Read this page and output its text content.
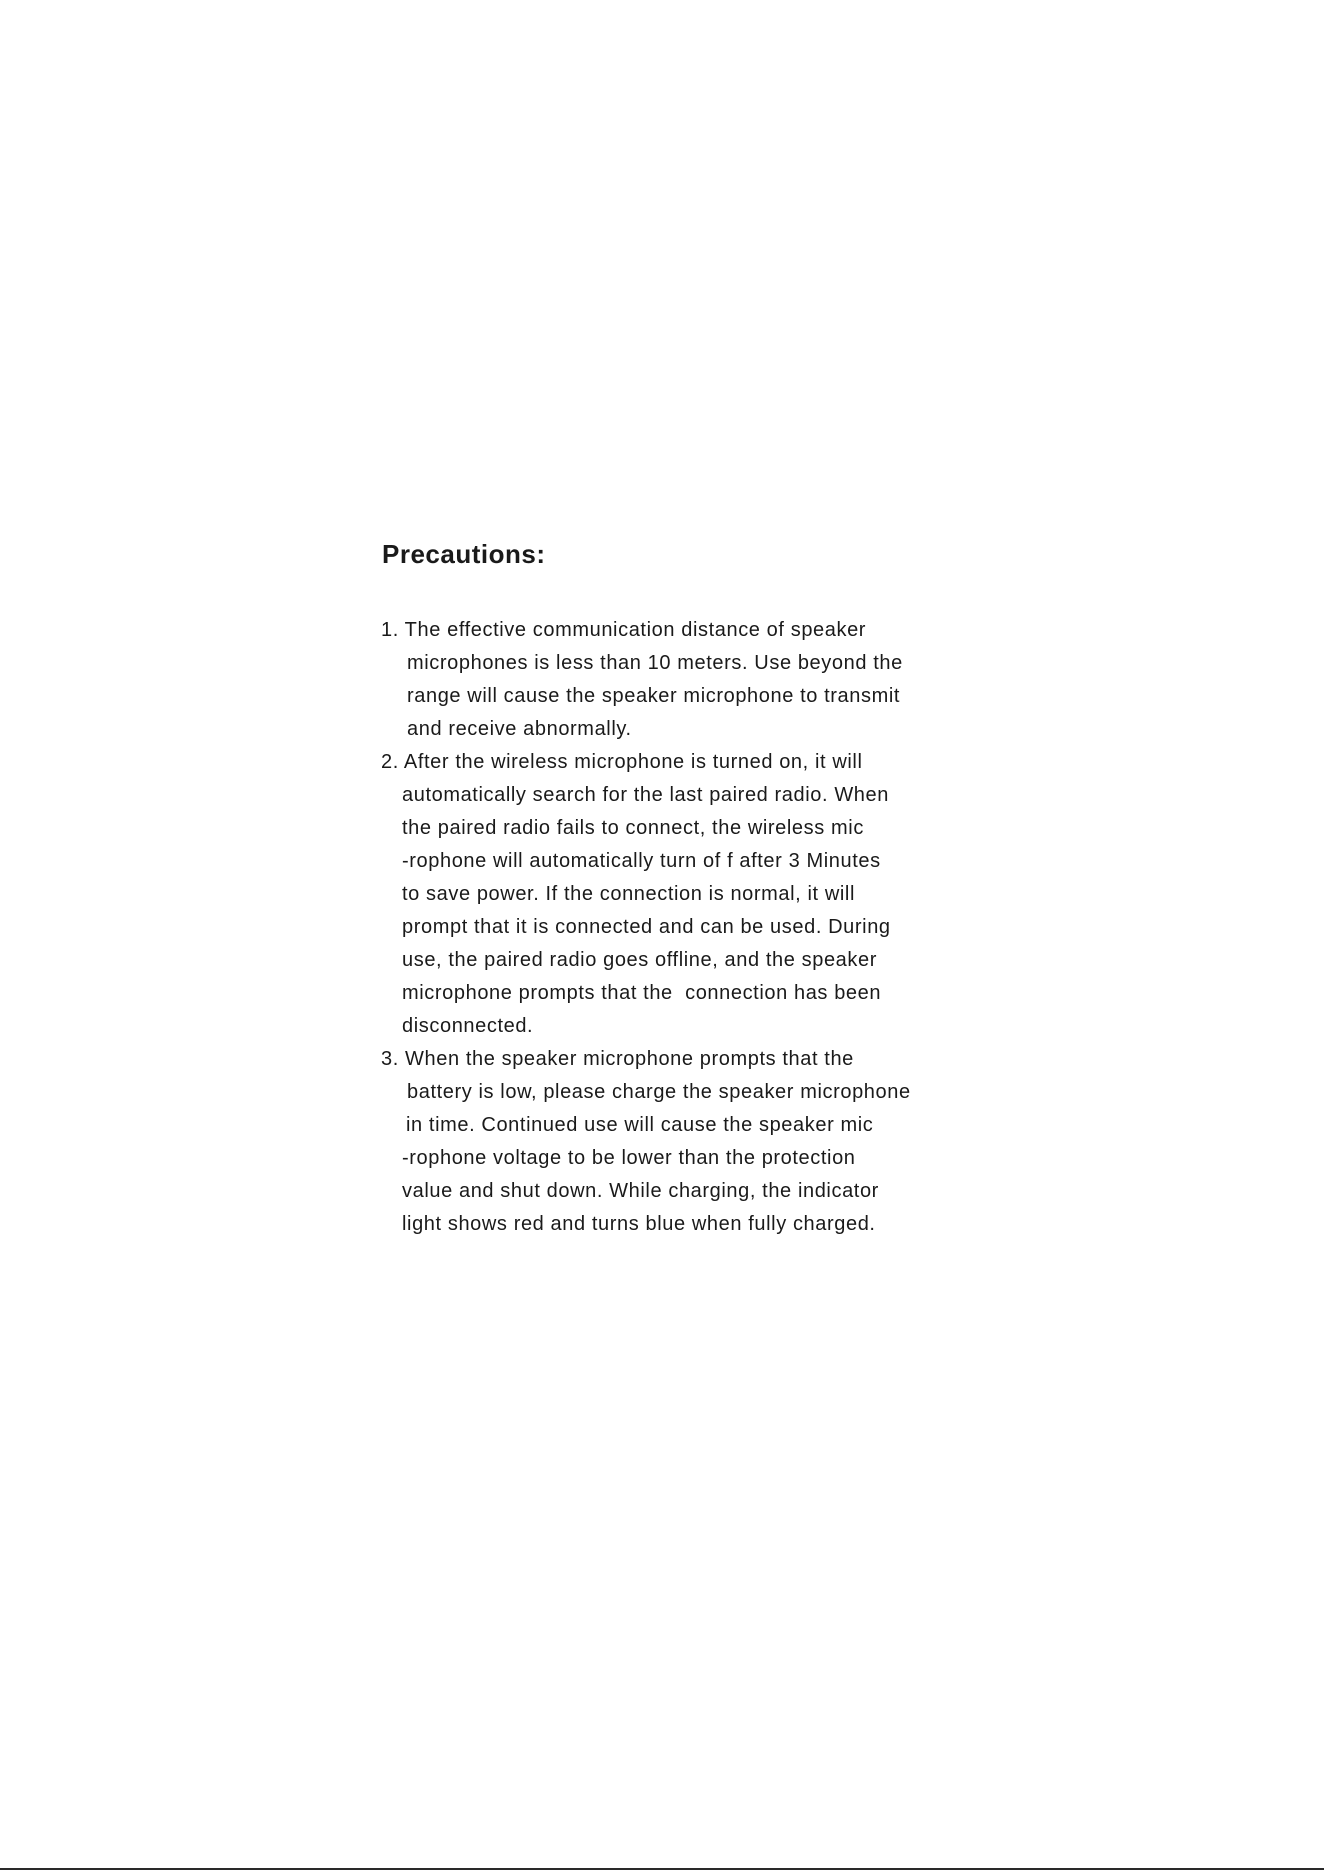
Precautions:

1. The effective communication distance of speaker

microphones is less than 10 meters. Use beyond the

range will cause the speaker microphone to transmit

and receive abnormally.

2. After the wireless microphone is turned on, it will

automatically search for the last paired radio. When

the paired radio fails to connect, the wireless mic

-rophone will automatically turn of f after 3 Minutes

to save power. If the connection is normal, it will

prompt that it is connected and can be used. During

use, the paired radio goes offline, and the speaker

microphone prompts that the  connection has been

disconnected.

3. When the speaker microphone prompts that the

battery is low, please charge the speaker microphone

in time. Continued use will cause the speaker mic

-rophone voltage to be lower than the protection

value and shut down. While charging, the indicator

light shows red and turns blue when fully charged.
